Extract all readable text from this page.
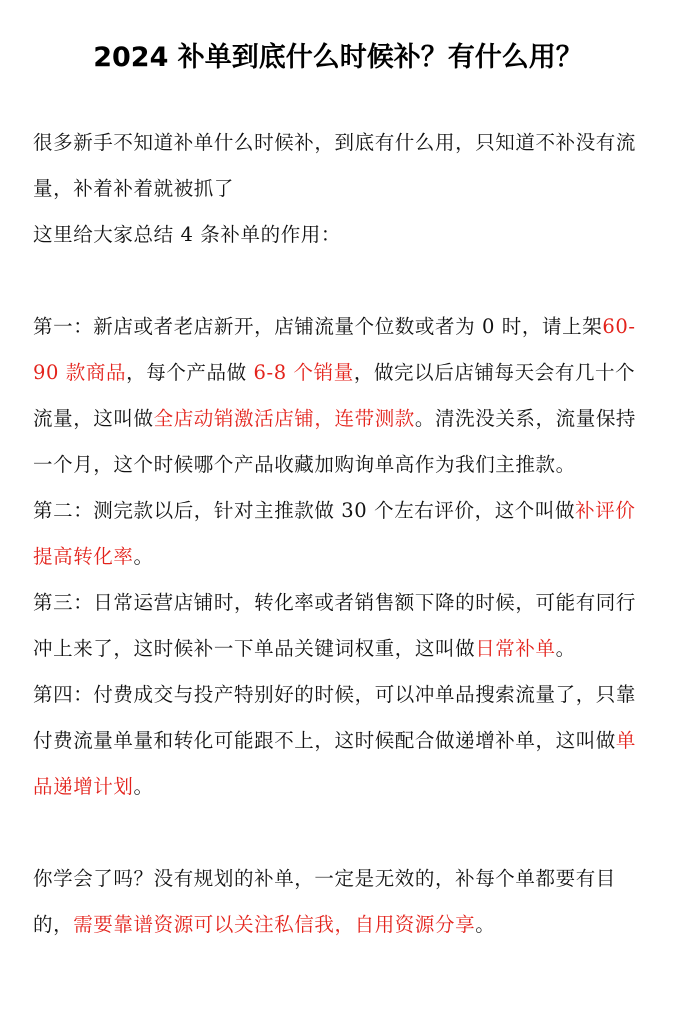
2024 补单到底什么时候补？有什么用？

很多新手不知道补单什么时候补，到底有什么用，只知道不补没有流量，补着补着就被抓了

这里给大家总结 4 条补单的作用：

第一：新店或者老店新开，店铺流量个位数或者为 0 时，请上架60-90 款商品，每个产品做 6-8 个销量，做完以后店铺每天会有几十个流量，这叫做全店动销激活店铺，连带测款。清洗没关系，流量保持一个月，这个时候哪个产品收藏加购询单高作为我们主推款。

第二：测完款以后，针对主推款做 30 个左右评价，这个叫做补评价提高转化率。

第三：日常运营店铺时，转化率或者销售额下降的时候，可能有同行冲上来了，这时候补一下单品关键词权重，这叫做日常补单。

第四：付费成交与投产特别好的时候，可以冲单品搜索流量了，只靠付费流量单量和转化可能跟不上，这时候配合做递增补单，这叫做单品递增计划。

你学会了吗？没有规划的补单，一定是无效的，补每个单都要有目的，需要靠谱资源可以关注私信我，自用资源分享。
